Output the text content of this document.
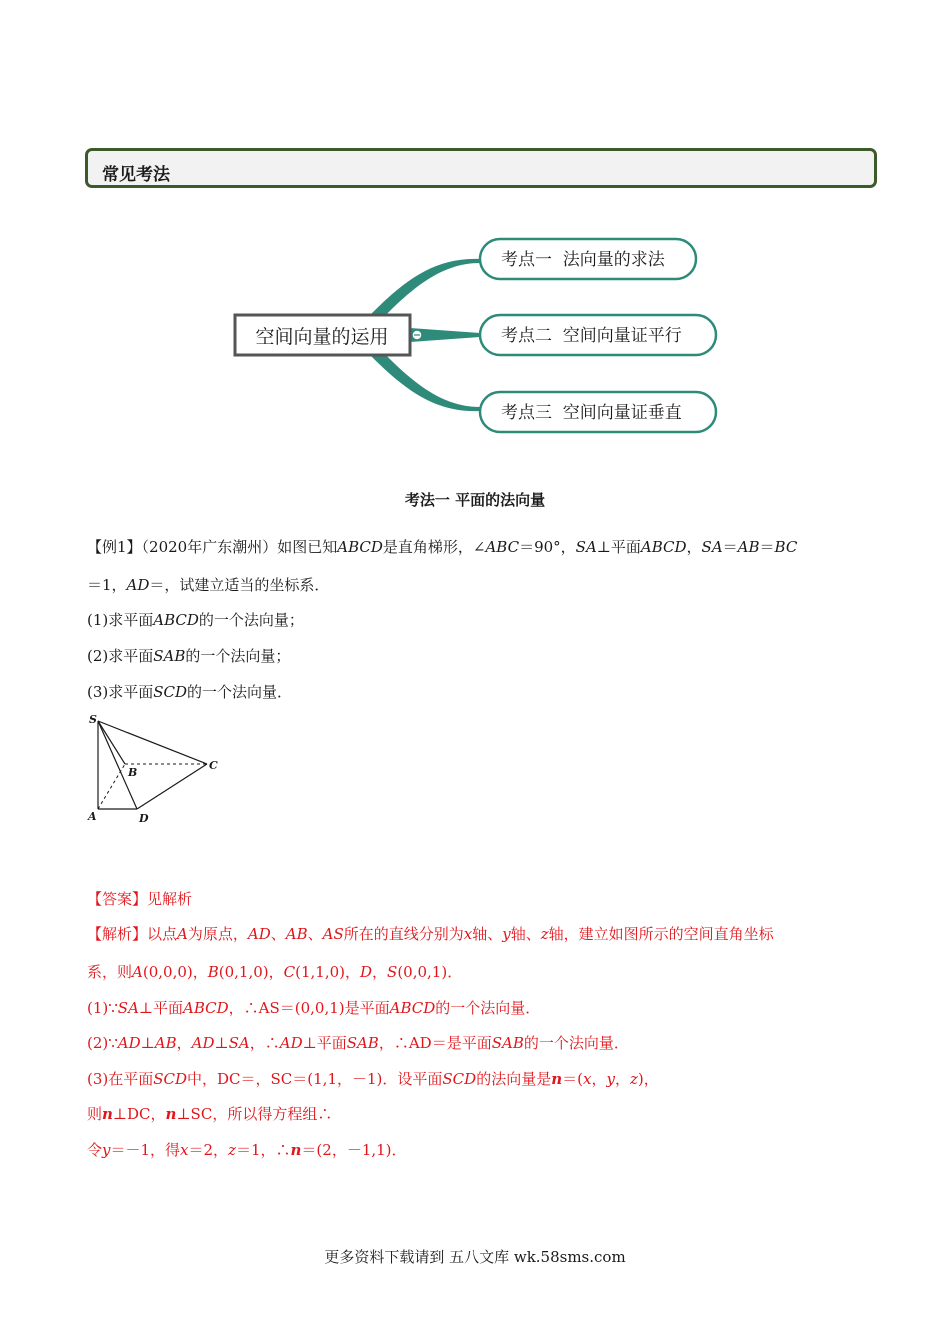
常见考法
空间向量的运用
考点一  法向量的求法
考点二  空间向量证平行
考点三  空间向量证垂直
考法一 平面的法向量
【例1】（2020年广东潮州）如图已知ABCD是直角梯形，∠ABC＝90°，SA⊥平面ABCD，SA＝AB＝BC
＝1，AD＝，试建立适当的坐标系．
(1)求平面ABCD的一个法向量；
(2)求平面SAB的一个法向量；
(3)求平面SCD的一个法向量．
S
B
C
A	D
【答案】见解析
【解析】以点A为原点，AD、AB、AS所在的直线分别为x轴、y轴、z轴，建立如图所示的空间直角坐标
系，则A(0,0,0)，B(0,1,0)，C(1,1,0)，D，S(0,0,1)．
(1)∵SA⊥平面ABCD，∴AS＝(0,0,1)是平面ABCD的一个法向量．
(2)∵AD⊥AB，AD⊥SA，∴AD⊥平面SAB，∴AD＝是平面SAB的一个法向量．
(3)在平面SCD中，DC＝，SC＝(1,1，－1)．设平面SCD的法向量是n＝(x，y，z)，
则n⊥DC，n⊥SC，所以得方程组∴
令y＝－1，得x＝2，z＝1，∴n＝(2，－1,1)．
更多资料下载请到 五八文库 wk.58sms.com
